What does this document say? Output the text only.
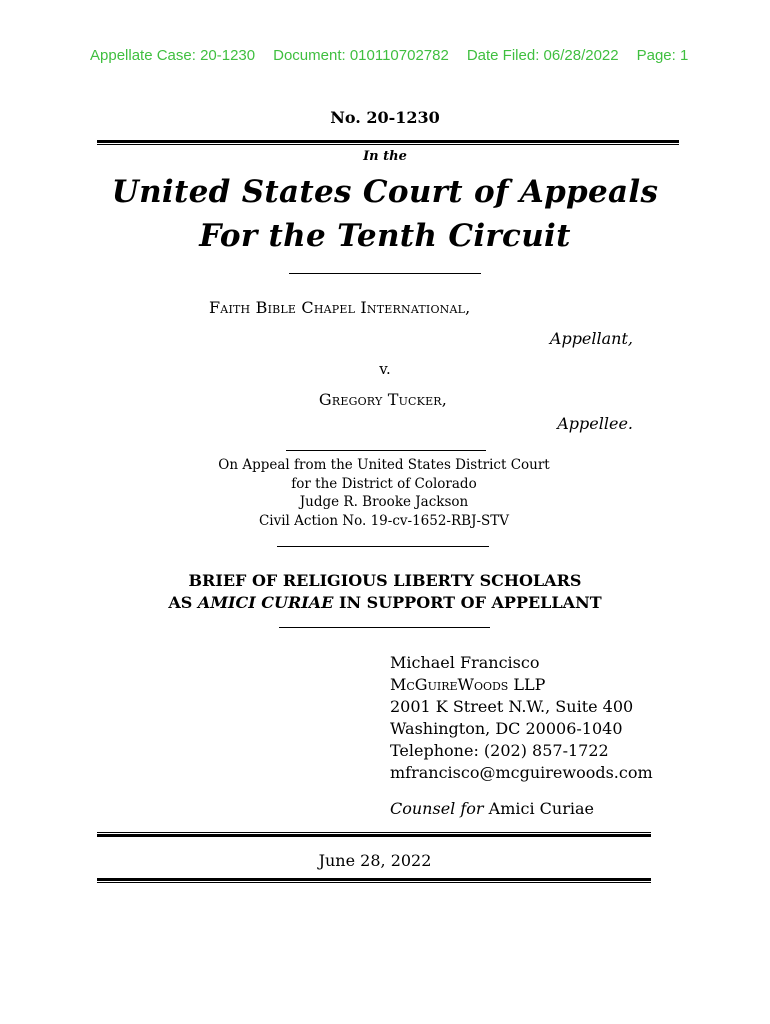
Appellate Case: 20-1230 Document: 010110702782 Date Filed: 06/28/2022 Page: 1

No. 20-1230
In the
United States Court of Appeals
For the Tenth Circuit
Faith Bible Chapel International,
Appellant,
v.
Gregory Tucker,
Appellee.
On Appeal from the United States District Court
for the District of Colorado
Judge R. Brooke Jackson
Civil Action No. 19-cv-1652-RBJ-STV
BRIEF OF RELIGIOUS LIBERTY SCHOLARS
AS AMICI CURIAE IN SUPPORT OF APPELLANT
Michael Francisco
McGuireWoods LLP
2001 K Street N.W., Suite 400
Washington, DC 20006-1040
Telephone: (202) 857-1722
mfrancisco@mcguirewoods.com
Counsel for Amici Curiae
June 28, 2022
